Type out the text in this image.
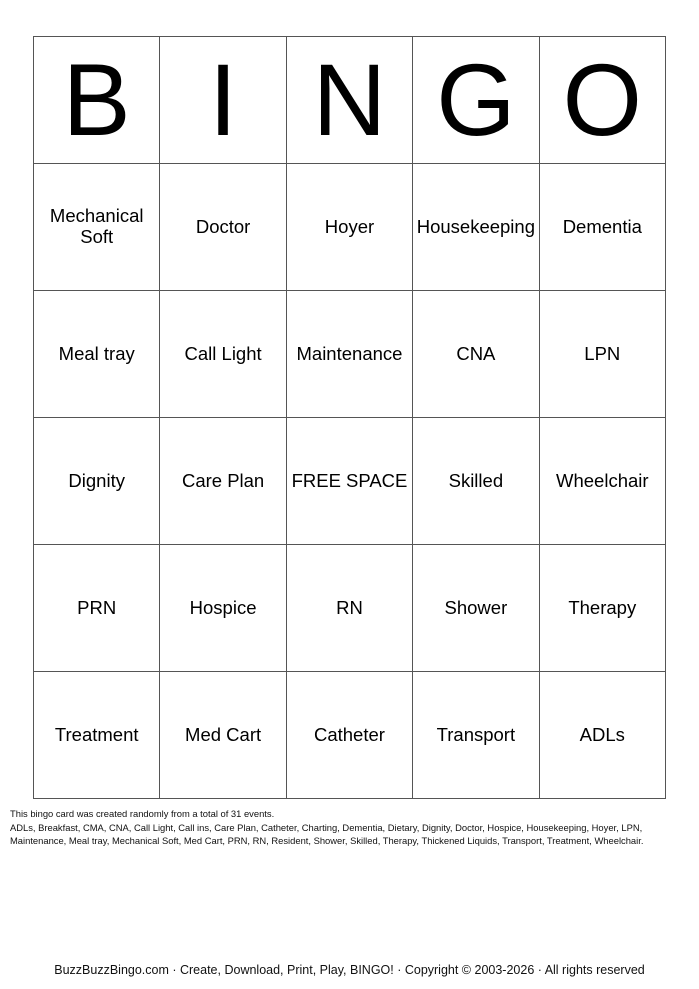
B	I	N	G	O
Mechanical Soft	Doctor	Hoyer	Housekeeping	Dementia
Meal tray	Call Light	Maintenance	CNA	LPN
Dignity	Care Plan	FREE SPACE	Skilled	Wheelchair
PRN	Hospice	RN	Shower	Therapy
Treatment	Med Cart	Catheter	Transport	ADLs

This bingo card was created randomly from a total of 31 events.

ADLs, Breakfast, CMA, CNA, Call Light, Call ins, Care Plan, Catheter, Charting, Dementia, Dietary, Dignity, Doctor, Hospice, Housekeeping, Hoyer, LPN,

Maintenance, Meal tray, Mechanical Soft, Med Cart, PRN, RN, Resident, Shower, Skilled, Therapy, Thickened Liquids, Transport, Treatment, Wheelchair.

BuzzBuzzBingo.com · Create, Download, Print, Play, BINGO! · Copyright © 2003-2026 · All rights reserved
